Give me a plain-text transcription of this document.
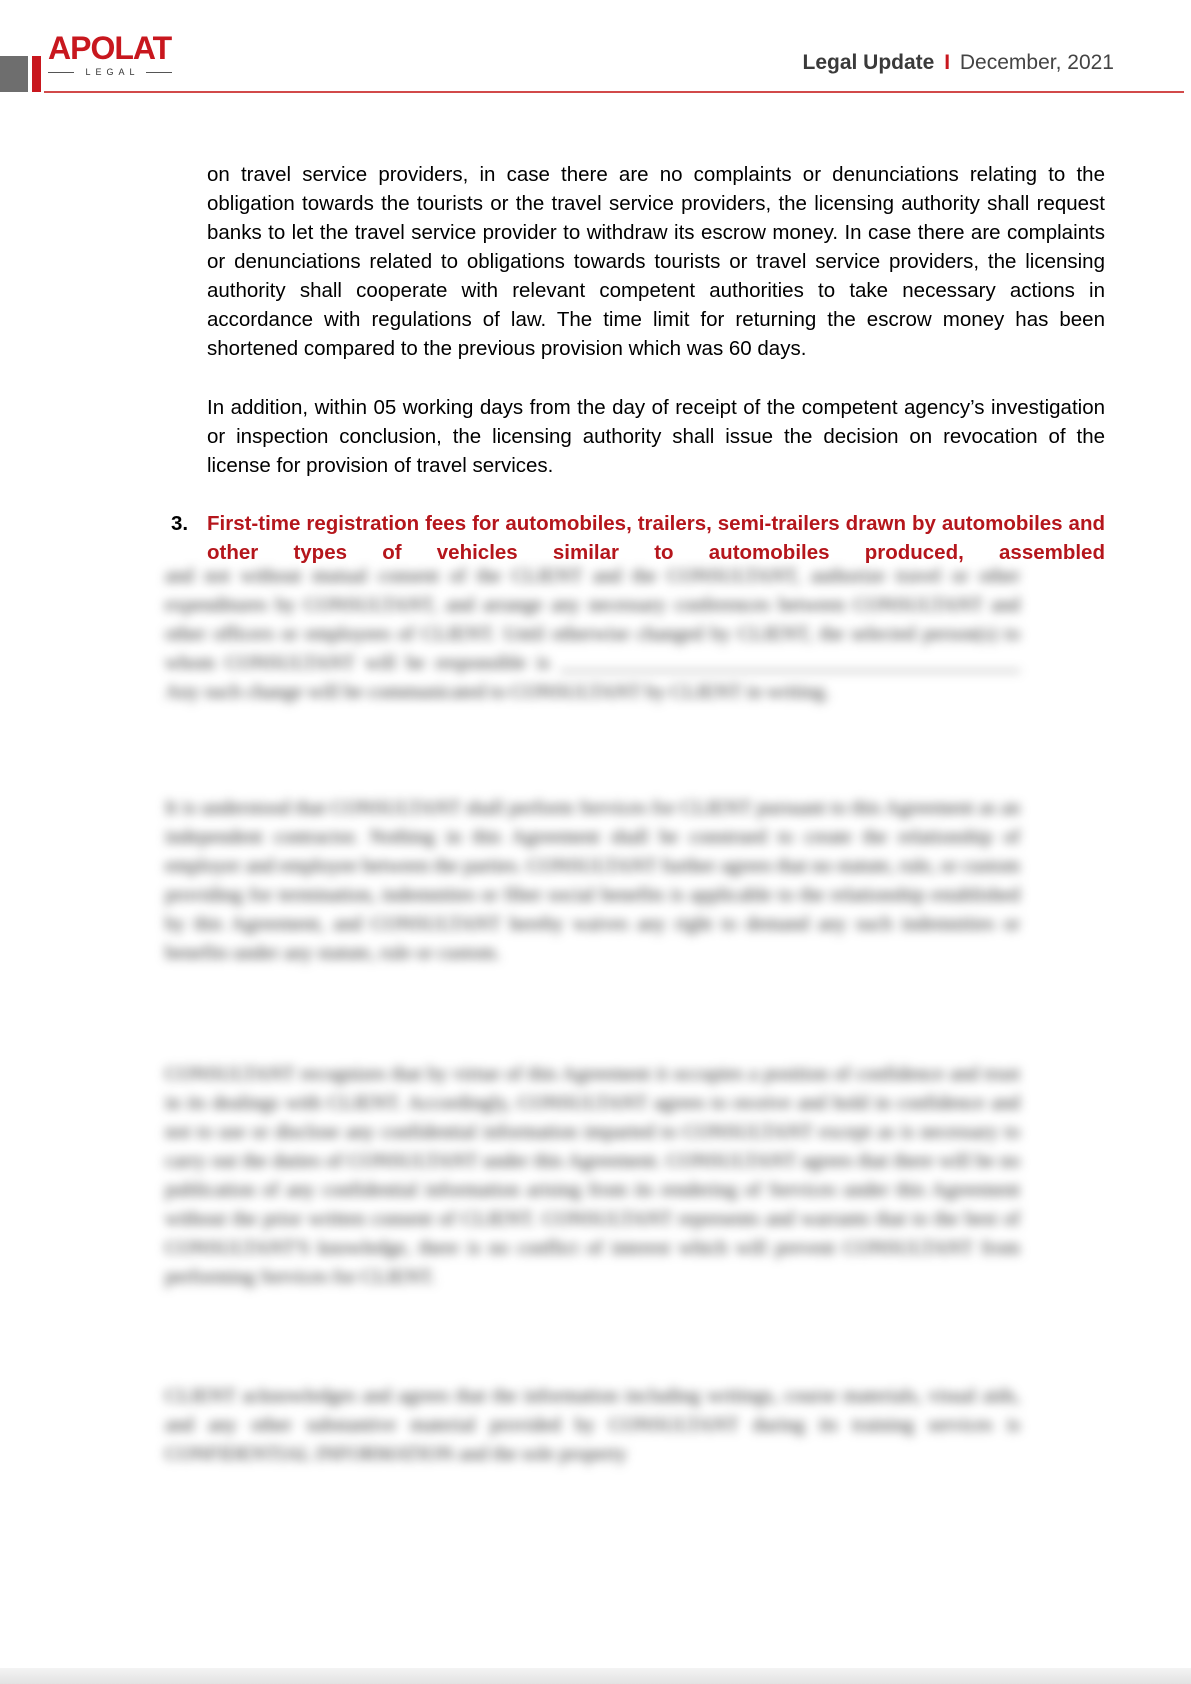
APOLAT
LEGAL	Legal Update I December, 2021

on travel service providers, in case there are no complaints or denunciations relating to the obligation towards the tourists or the travel service providers, the licensing authority shall request banks to let the travel service provider to withdraw its escrow money. In case there are complaints or denunciations related to obligations towards tourists or travel service providers, the licensing authority shall cooperate with relevant competent authorities to take necessary actions in accordance with regulations of law. The time limit for returning the escrow money has been shortened compared to the previous provision which was 60 days.

In addition, within 05 working days from the day of receipt of the competent agency’s investigation or inspection conclusion, the licensing authority shall issue the decision on revocation of the license for provision of travel services.

3. First-time registration fees for automobiles, trailers, semi-trailers drawn by automobiles and other types of vehicles similar to automobiles produced, assembled

and not without mutual consent of the CLIENT and the CONSULTANT, authorize travel or other expenditures by CONSULTANT, and arrange any necessary conferences between CONSULTANT and other officers or employees of CLIENT. Until otherwise changed by CLIENT, the selected person(s) to whom CONSULTANT will be responsible is ______________________________________________ Any such change will be communicated to CONSULTANT by CLIENT in writing.

It is understood that CONSULTANT shall perform Services for CLIENT pursuant to this Agreement as an independent contractor. Nothing in this Agreement shall be construed to create the relationship of employer and employee between the parties. CONSULTANT further agrees that no statute, rule, or custom providing for termination, indemnities or fiber social benefits is applicable to the relationship established by this Agreement, and CONSULTANT hereby waives any right to demand any such indemnities or benefits under any statute, rule or custom.

CONSULTANT recognizes that by virtue of this Agreement it occupies a position of confidence and trust in its dealings with CLIENT. Accordingly, CONSULTANT agrees to receive and hold in confidence and not to use or disclose any confidential information imparted to CONSULTANT except as is necessary to carry out the duties of CONSULTANT under this Agreement. CONSULTANT agrees that there will be no publication of any confidential information arising from its rendering of Services under this Agreement without the prior written consent of CLIENT. CONSULTANT represents and warrants that to the best of CONSULTANT'S knowledge, there is no conflict of interest which will prevent CONSULTANT from performing Services for CLIENT.

CLIENT acknowledges and agrees that the information including writings, course materials, visual aids, and any other substantive material provided by CONSULTANT during its training services is CONFIDENTIAL INFORMATION and the sole property
